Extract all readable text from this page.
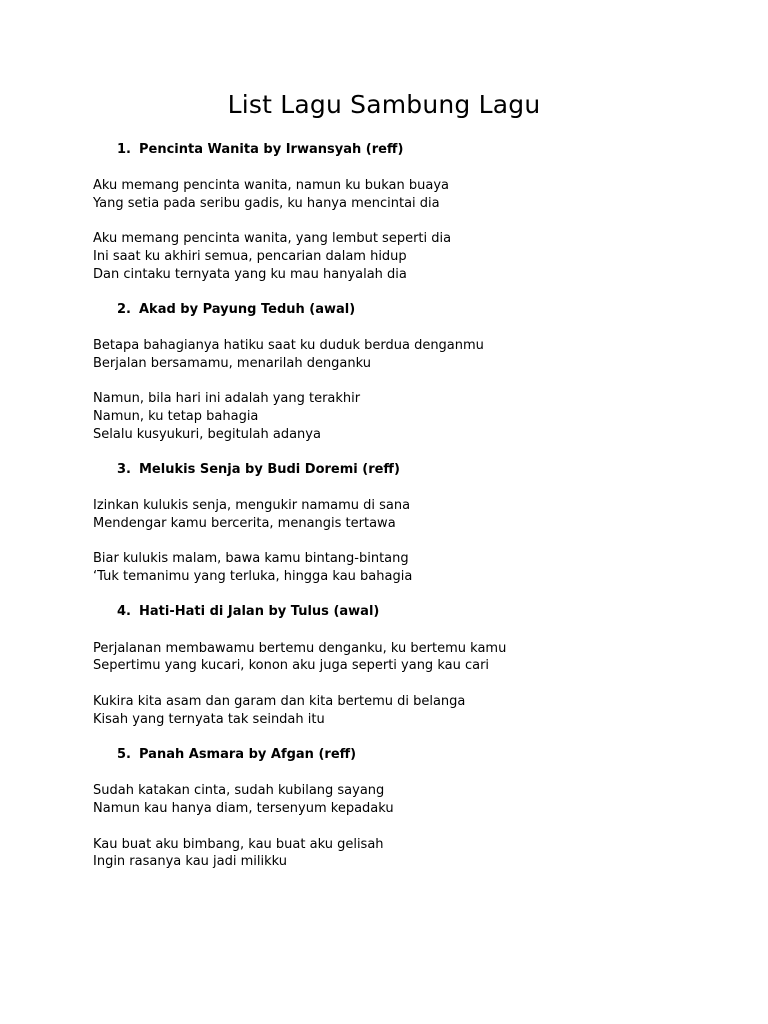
List Lagu Sambung Lagu
1. Pencinta Wanita by Irwansyah (reff)
Aku memang pencinta wanita, namun ku bukan buaya
Yang setia pada seribu gadis, ku hanya mencintai dia
Aku memang pencinta wanita, yang lembut seperti dia
Ini saat ku akhiri semua, pencarian dalam hidup
Dan cintaku ternyata yang ku mau hanyalah dia
2. Akad by Payung Teduh (awal)
Betapa bahagianya hatiku saat ku duduk berdua denganmu
Berjalan bersamamu, menarilah denganku
Namun, bila hari ini adalah yang terakhir
Namun, ku tetap bahagia
Selalu kusyukuri, begitulah adanya
3. Melukis Senja by Budi Doremi (reff)
Izinkan kulukis senja, mengukir namamu di sana
Mendengar kamu bercerita, menangis tertawa
Biar kulukis malam, bawa kamu bintang-bintang
‘Tuk temanimu yang terluka, hingga kau bahagia
4. Hati-Hati di Jalan by Tulus (awal)
Perjalanan membawamu bertemu denganku, ku bertemu kamu
Sepertimu yang kucari, konon aku juga seperti yang kau cari
Kukira kita asam dan garam dan kita bertemu di belanga
Kisah yang ternyata tak seindah itu
5. Panah Asmara by Afgan (reff)
Sudah katakan cinta, sudah kubilang sayang
Namun kau hanya diam, tersenyum kepadaku
Kau buat aku bimbang, kau buat aku gelisah
Ingin rasanya kau jadi milikku
